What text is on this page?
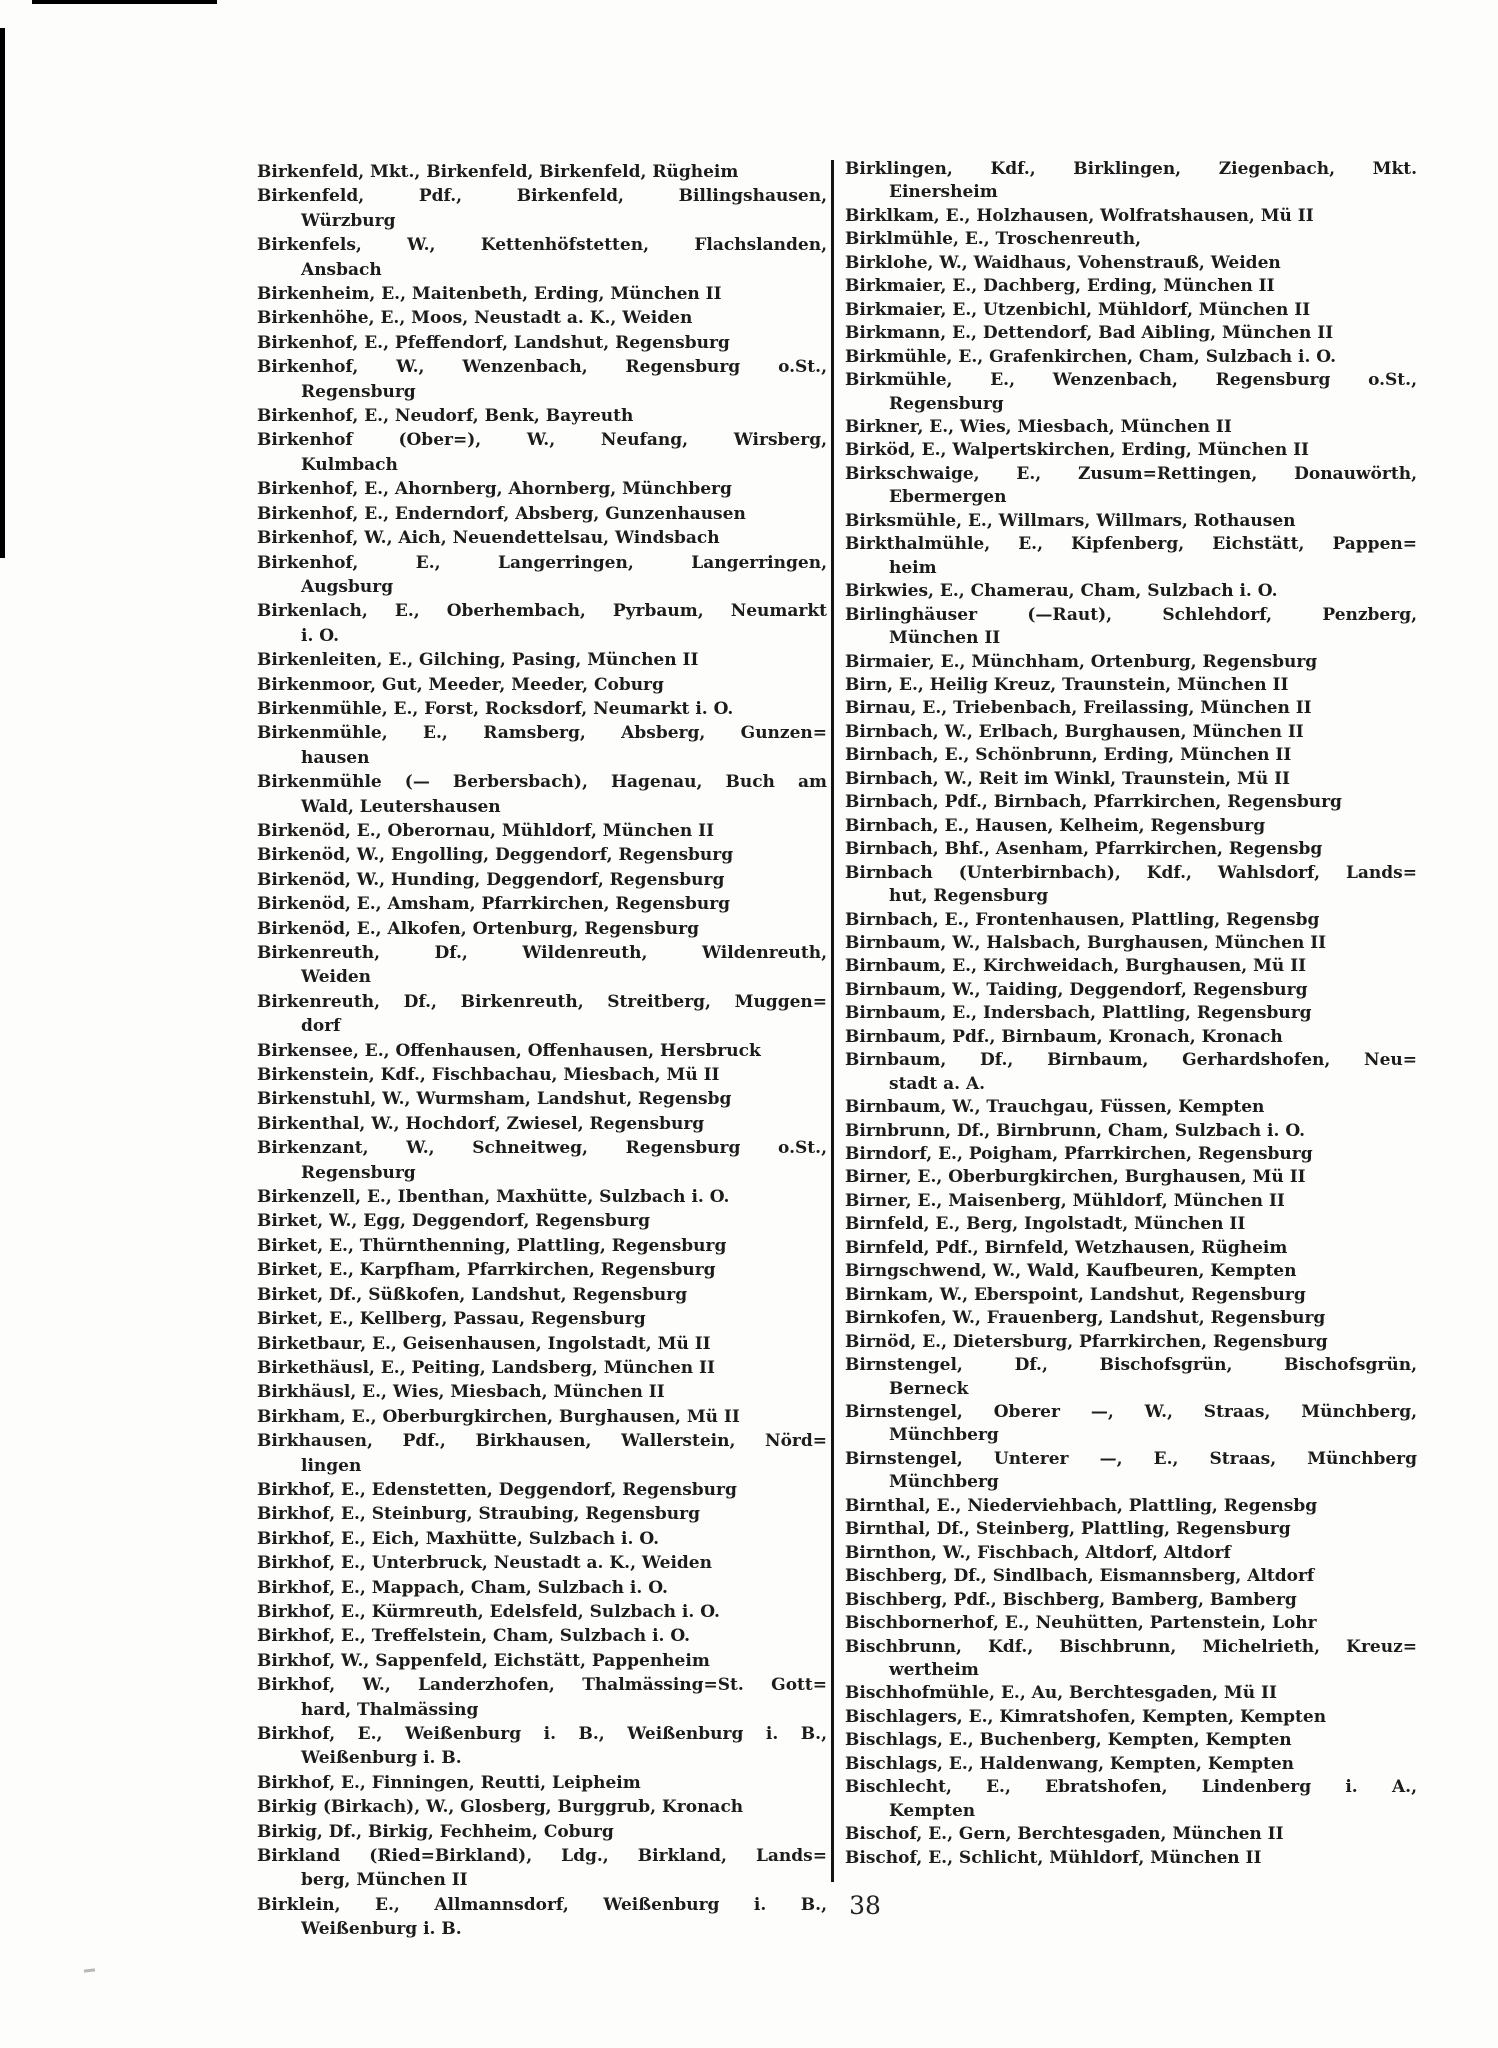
Birkenfeld, Mkt., Birkenfeld, Birkenfeld, Rügheim
Birkenfeld, Pdf., Birkenfeld, Billingshausen,
Würzburg
Birkenfels, W., Kettenhöfstetten, Flachslanden,
Ansbach
Birkenheim, E., Maitenbeth, Erding, München II
Birkenhöhe, E., Moos, Neustadt a. K., Weiden
Birkenhof, E., Pfeffendorf, Landshut, Regensburg
Birkenhof, W., Wenzenbach, Regensburg o.St.,
Regensburg
Birkenhof, E., Neudorf, Benk, Bayreuth
Birkenhof (Ober=), W., Neufang, Wirsberg,
Kulmbach
Birkenhof, E., Ahornberg, Ahornberg, Münchberg
Birkenhof, E., Enderndorf, Absberg, Gunzenhausen
Birkenhof, W., Aich, Neuendettelsau, Windsbach
Birkenhof, E., Langerringen, Langerringen,
Augsburg
Birkenlach, E., Oberhembach, Pyrbaum, Neumarkt
i. O.
Birkenleiten, E., Gilching, Pasing, München II
Birkenmoor, Gut, Meeder, Meeder, Coburg
Birkenmühle, E., Forst, Rocksdorf, Neumarkt i. O.
Birkenmühle, E., Ramsberg, Absberg, Gunzen=
hausen
Birkenmühle (— Berbersbach), Hagenau, Buch am
Wald, Leutershausen
Birkenöd, E., Oberornau, Mühldorf, München II
Birkenöd, W., Engolling, Deggendorf, Regensburg
Birkenöd, W., Hunding, Deggendorf, Regensburg
Birkenöd, E., Amsham, Pfarrkirchen, Regensburg
Birkenöd, E., Alkofen, Ortenburg, Regensburg
Birkenreuth, Df., Wildenreuth, Wildenreuth,
Weiden
Birkenreuth, Df., Birkenreuth, Streitberg, Muggen=
dorf
Birkensee, E., Offenhausen, Offenhausen, Hersbruck
Birkenstein, Kdf., Fischbachau, Miesbach, Mü II
Birkenstuhl, W., Wurmsham, Landshut, Regensbg
Birkenthal, W., Hochdorf, Zwiesel, Regensburg
Birkenzant, W., Schneitweg, Regensburg o.St.,
Regensburg
Birkenzell, E., Ibenthan, Maxhütte, Sulzbach i. O.
Birket, W., Egg, Deggendorf, Regensburg
Birket, E., Thürnthenning, Plattling, Regensburg
Birket, E., Karpfham, Pfarrkirchen, Regensburg
Birket, Df., Süßkofen, Landshut, Regensburg
Birket, E., Kellberg, Passau, Regensburg
Birketbaur, E., Geisenhausen, Ingolstadt, Mü II
Birkethäusl, E., Peiting, Landsberg, München II
Birkhäusl, E., Wies, Miesbach, München II
Birkham, E., Oberburgkirchen, Burghausen, Mü II
Birkhausen, Pdf., Birkhausen, Wallerstein, Nörd=
lingen
Birkhof, E., Edenstetten, Deggendorf, Regensburg
Birkhof, E., Steinburg, Straubing, Regensburg
Birkhof, E., Eich, Maxhütte, Sulzbach i. O.
Birkhof, E., Unterbruck, Neustadt a. K., Weiden
Birkhof, E., Mappach, Cham, Sulzbach i. O.
Birkhof, E., Kürmreuth, Edelsfeld, Sulzbach i. O.
Birkhof, E., Treffelstein, Cham, Sulzbach i. O.
Birkhof, W., Sappenfeld, Eichstätt, Pappenheim
Birkhof, W., Landerzhofen, Thalmässing=St. Gott=
hard, Thalmässing
Birkhof, E., Weißenburg i. B., Weißenburg i. B.,
Weißenburg i. B.
Birkhof, E., Finningen, Reutti, Leipheim
Birkig (Birkach), W., Glosberg, Burggrub, Kronach
Birkig, Df., Birkig, Fechheim, Coburg
Birkland (Ried=Birkland), Ldg., Birkland, Lands=
berg, München II
Birklein, E., Allmannsdorf, Weißenburg i. B.,
Weißenburg i. B.
Birklingen, Kdf., Birklingen, Ziegenbach, Mkt.
Einersheim
Birklkam, E., Holzhausen, Wolfratshausen, Mü II
Birklmühle, E., Troschenreuth,
Birklohe, W., Waidhaus, Vohenstrauß, Weiden
Birkmaier, E., Dachberg, Erding, München II
Birkmaier, E., Utzenbichl, Mühldorf, München II
Birkmann, E., Dettendorf, Bad Aibling, München II
Birkmühle, E., Grafenkirchen, Cham, Sulzbach i. O.
Birkmühle, E., Wenzenbach, Regensburg o.St.,
Regensburg
Birkner, E., Wies, Miesbach, München II
Birköd, E., Walpertskirchen, Erding, München II
Birkschwaige, E., Zusum=Rettingen, Donauwörth,
Ebermergen
Birksmühle, E., Willmars, Willmars, Rothausen
Birkthalmühle, E., Kipfenberg, Eichstätt, Pappen=
heim
Birkwies, E., Chamerau, Cham, Sulzbach i. O.
Birlinghäuser (—Raut), Schlehdorf, Penzberg,
München II
Birmaier, E., Münchham, Ortenburg, Regensburg
Birn, E., Heilig Kreuz, Traunstein, München II
Birnau, E., Triebenbach, Freilassing, München II
Birnbach, W., Erlbach, Burghausen, München II
Birnbach, E., Schönbrunn, Erding, München II
Birnbach, W., Reit im Winkl, Traunstein, Mü II
Birnbach, Pdf., Birnbach, Pfarrkirchen, Regensburg
Birnbach, E., Hausen, Kelheim, Regensburg
Birnbach, Bhf., Asenham, Pfarrkirchen, Regensbg
Birnbach (Unterbirnbach), Kdf., Wahlsdorf, Lands=
hut, Regensburg
Birnbach, E., Frontenhausen, Plattling, Regensbg
Birnbaum, W., Halsbach, Burghausen, München II
Birnbaum, E., Kirchweidach, Burghausen, Mü II
Birnbaum, W., Taiding, Deggendorf, Regensburg
Birnbaum, E., Indersbach, Plattling, Regensburg
Birnbaum, Pdf., Birnbaum, Kronach, Kronach
Birnbaum, Df., Birnbaum, Gerhardshofen, Neu=
stadt a. A.
Birnbaum, W., Trauchgau, Füssen, Kempten
Birnbrunn, Df., Birnbrunn, Cham, Sulzbach i. O.
Birndorf, E., Poigham, Pfarrkirchen, Regensburg
Birner, E., Oberburgkirchen, Burghausen, Mü II
Birner, E., Maisenberg, Mühldorf, München II
Birnfeld, E., Berg, Ingolstadt, München II
Birnfeld, Pdf., Birnfeld, Wetzhausen, Rügheim
Birngschwend, W., Wald, Kaufbeuren, Kempten
Birnkam, W., Eberspoint, Landshut, Regensburg
Birnkofen, W., Frauenberg, Landshut, Regensburg
Birnöd, E., Dietersburg, Pfarrkirchen, Regensburg
Birnstengel, Df., Bischofsgrün, Bischofsgrün,
Berneck
Birnstengel, Oberer —, W., Straas, Münchberg,
Münchberg
Birnstengel, Unterer —, E., Straas, Münchberg
Münchberg
Birnthal, E., Niederviehbach, Plattling, Regensbg
Birnthal, Df., Steinberg, Plattling, Regensburg
Birnthon, W., Fischbach, Altdorf, Altdorf
Bischberg, Df., Sindlbach, Eismannsberg, Altdorf
Bischberg, Pdf., Bischberg, Bamberg, Bamberg
Bischbornerhof, E., Neuhütten, Partenstein, Lohr
Bischbrunn, Kdf., Bischbrunn, Michelrieth, Kreuz=
wertheim
Bischhofmühle, E., Au, Berchtesgaden, Mü II
Bischlagers, E., Kimratshofen, Kempten, Kempten
Bischlags, E., Buchenberg, Kempten, Kempten
Bischlags, E., Haldenwang, Kempten, Kempten
Bischlecht, E., Ebratshofen, Lindenberg i. A.,
Kempten
Bischof, E., Gern, Berchtesgaden, München II
Bischof, E., Schlicht, Mühldorf, München II
38
